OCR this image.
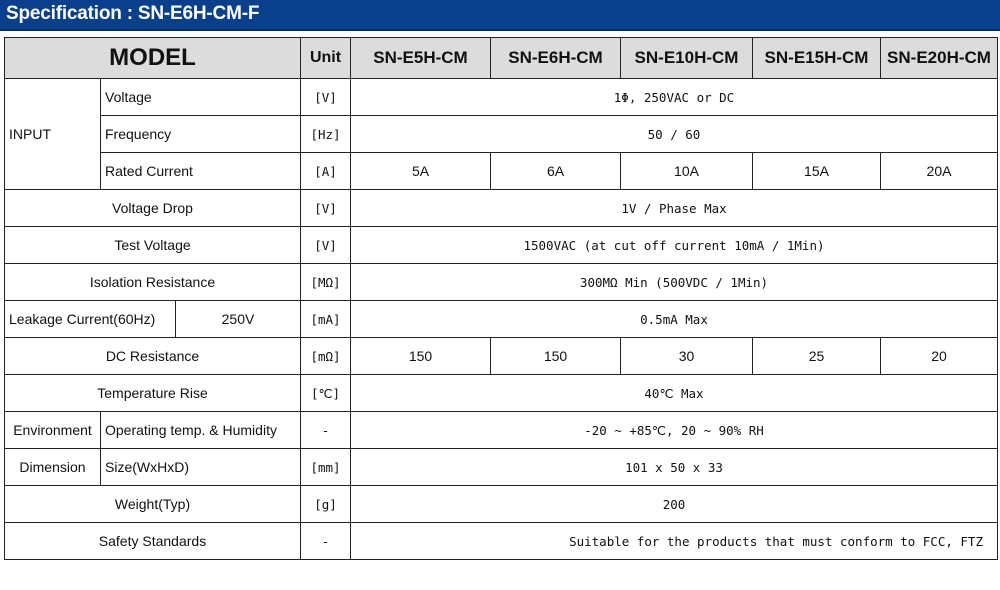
Specification : SN-E6H-CM-F
MODEL			Unit	SN-E5H-CM	SN-E6H-CM	SN-E10H-CM	SN-E15H-CM	SN-E20H-CM
INPUT	Voltage		[V]	1Φ, 250VAC or DC				
	Frequency		[Hz]	50 / 60				
	Rated Current		[A]	5A	6A	10A	15A	20A
Voltage Drop			[V]	1V / Phase Max				
Test Voltage			[V]	1500VAC (at cut off current 10mA / 1Min)				
Isolation Resistance			[MΩ]	300MΩ Min (500VDC / 1Min)				
Leakage Current(60Hz)		250V	[mA]	0.5mA Max				
DC Resistance			[mΩ]	150	150	30	25	20
Temperature Rise			[℃]	40℃ Max				
Environment	Operating temp. & Humidity		-	-20 ~ +85℃, 20 ~ 90% RH				
Dimension	Size(WxHxD)		[mm]	101 x 50 x 33				
Weight(Typ)			[g]	200				
Safety Standards			-	Suitable for the products that must conform to FCC, FTZ				
